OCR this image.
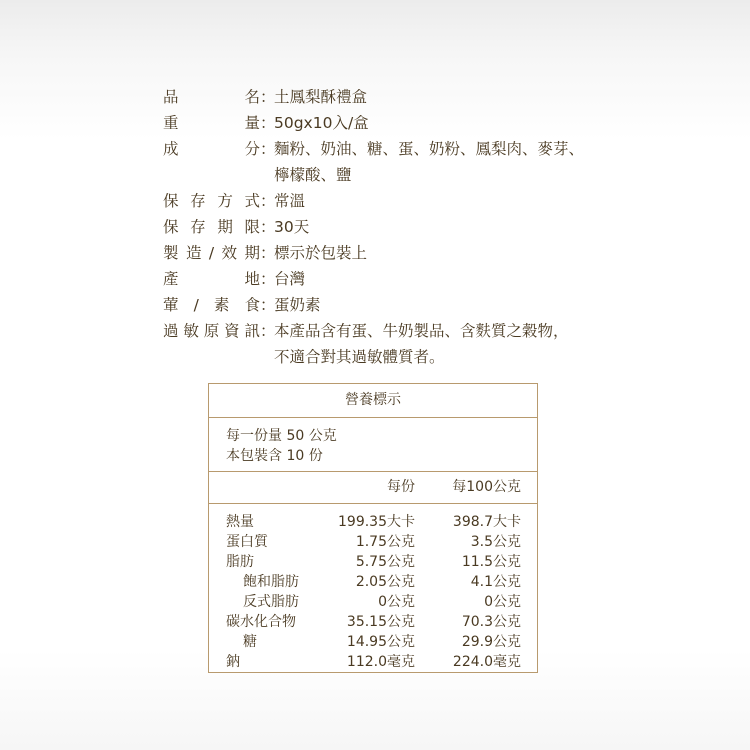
品	名 ：
土鳳梨酥禮盒
重	量 ：
50gx10入/盒
成	分 ：
麵粉、奶油、糖、蛋、奶粉、鳳梨肉、麥芽、
檸檬酸、鹽
保 存 方 式 ：
常溫
保 存 期 限 ：
30天
製 造 / 效 期 ：
標示於包裝上
產	地 ：
台灣
葷 / 素 食 ：
蛋奶素
過 敏 原 資 訊 ：
本產品含有蛋、牛奶製品、含麩質之穀物，
不適合對其過敏體質者。
營養標示
每一份量 50 公克
本包裝含 10 份
每份	每100公克
熱量	199.35大卡	398.7大卡
蛋白質	1.75公克	3.5公克
脂肪	5.75公克	11.5公克
飽和脂肪	2.05公克	4.1公克
反式脂肪	0公克	0公克
碳水化合物	35.15公克	70.3公克
糖	14.95公克	29.9公克
鈉	112.0毫克	224.0毫克
